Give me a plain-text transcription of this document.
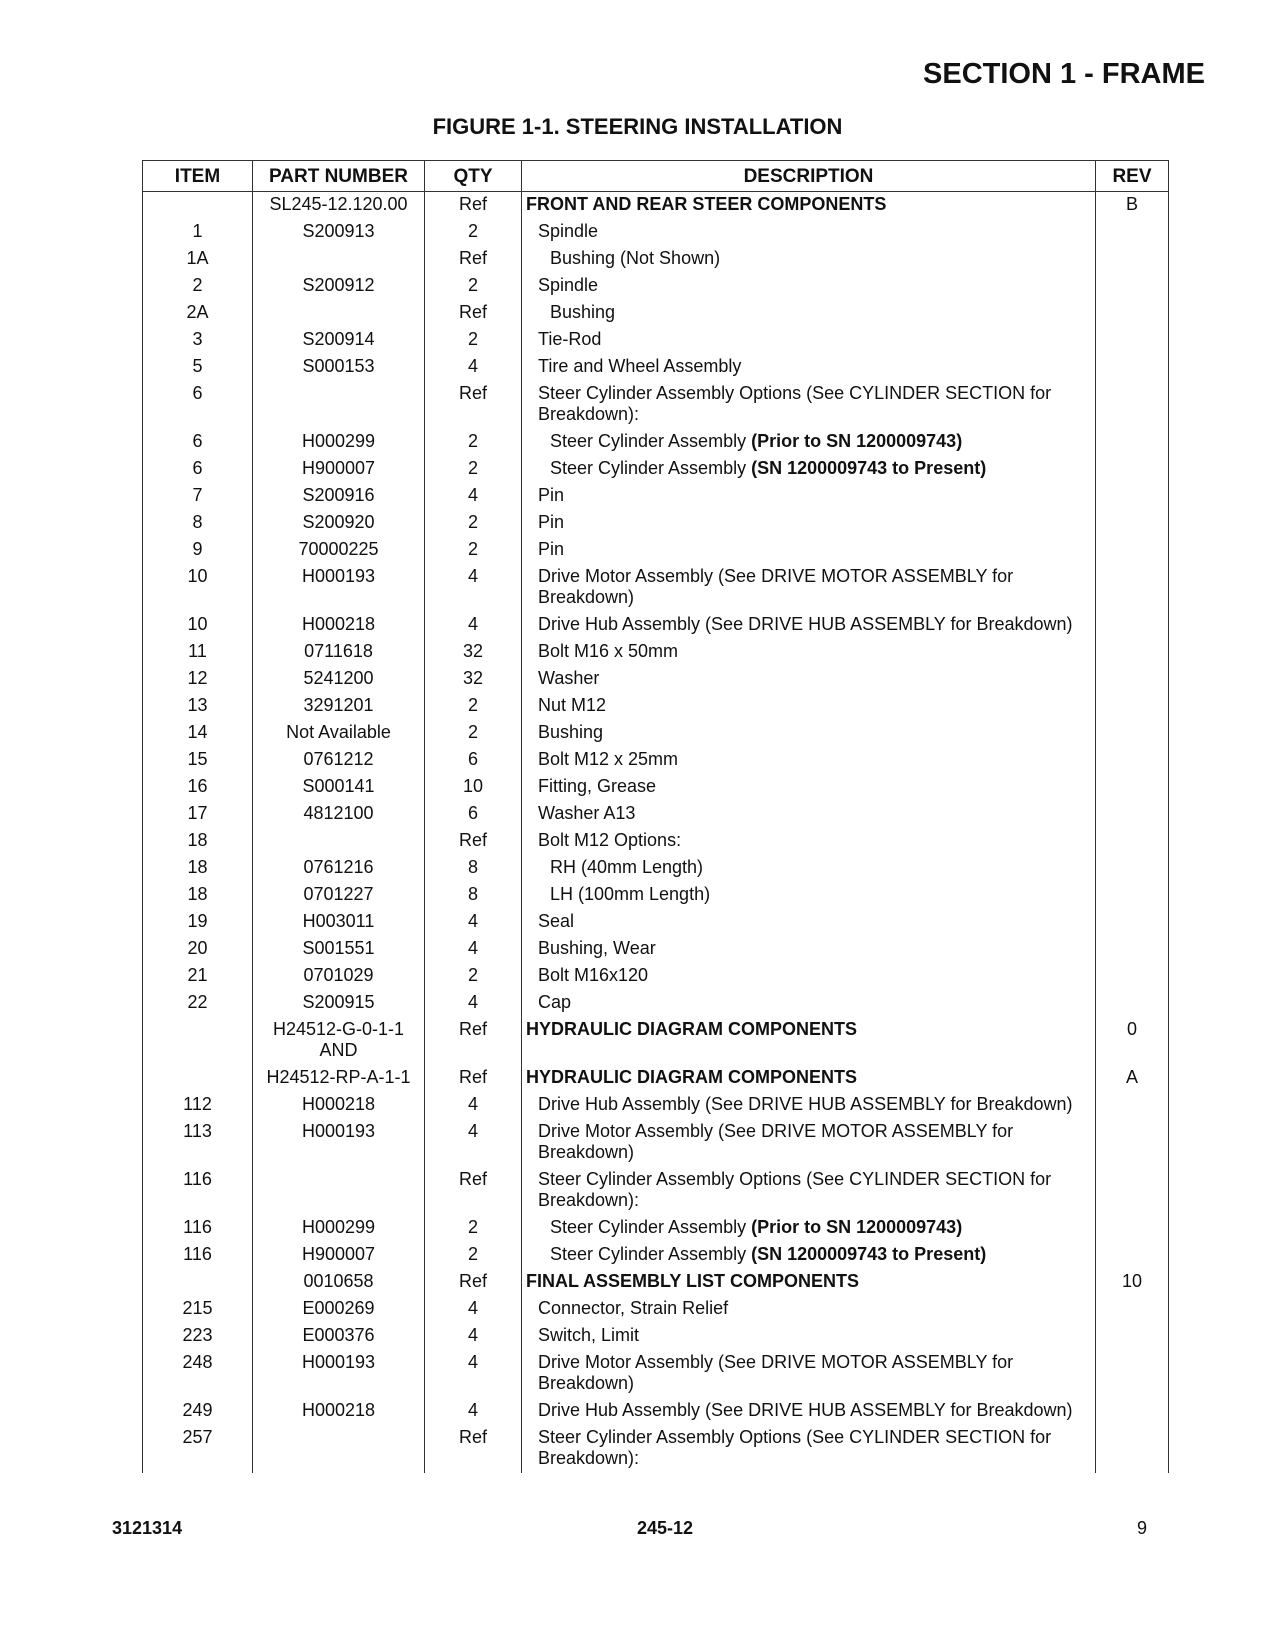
SECTION 1 - FRAME
FIGURE 1-1. STEERING INSTALLATION
ITEM	PART NUMBER	QTY	DESCRIPTION	REV
	SL245-12.120.00	Ref	FRONT AND REAR STEER COMPONENTS	B
1	S200913	2	Spindle	
1A		Ref	Bushing (Not Shown)	
2	S200912	2	Spindle	
2A		Ref	Bushing	
3	S200914	2	Tie-Rod	
5	S000153	4	Tire and Wheel Assembly	
6		Ref	Steer Cylinder Assembly Options (See CYLINDER SECTION for Breakdown):	
6	H000299	2	Steer Cylinder Assembly (Prior to SN 1200009743)	
6	H900007	2	Steer Cylinder Assembly (SN 1200009743 to Present)	
7	S200916	4	Pin	
8	S200920	2	Pin	
9	70000225	2	Pin	
10	H000193	4	Drive Motor Assembly (See DRIVE MOTOR ASSEMBLY for Breakdown)	
10	H000218	4	Drive Hub Assembly (See DRIVE HUB ASSEMBLY for Breakdown)	
11	0711618	32	Bolt M16 x 50mm	
12	5241200	32	Washer	
13	3291201	2	Nut M12	
14	Not Available	2	Bushing	
15	0761212	6	Bolt M12 x 25mm	
16	S000141	10	Fitting, Grease	
17	4812100	6	Washer A13	
18		Ref	Bolt M12 Options:	
18	0761216	8	RH (40mm Length)	
18	0701227	8	LH (100mm Length)	
19	H003011	4	Seal	
20	S001551	4	Bushing, Wear	
21	0701029	2	Bolt M16x120	
22	S200915	4	Cap	
	H24512-G-0-1-1 AND	Ref	HYDRAULIC DIAGRAM COMPONENTS	0
	H24512-RP-A-1-1	Ref	HYDRAULIC DIAGRAM COMPONENTS	A
112	H000218	4	Drive Hub Assembly (See DRIVE HUB ASSEMBLY for Breakdown)	
113	H000193	4	Drive Motor Assembly (See DRIVE MOTOR ASSEMBLY for Breakdown)	
116		Ref	Steer Cylinder Assembly Options (See CYLINDER SECTION for Breakdown):	
116	H000299	2	Steer Cylinder Assembly (Prior to SN 1200009743)	
116	H900007	2	Steer Cylinder Assembly (SN 1200009743 to Present)	
	0010658	Ref	FINAL ASSEMBLY LIST COMPONENTS	10
215	E000269	4	Connector, Strain Relief	
223	E000376	4	Switch, Limit	
248	H000193	4	Drive Motor Assembly (See DRIVE MOTOR ASSEMBLY for Breakdown)	
249	H000218	4	Drive Hub Assembly (See DRIVE HUB ASSEMBLY for Breakdown)	
257		Ref	Steer Cylinder Assembly Options (See CYLINDER SECTION for Breakdown):	
3121314	245-12	9
